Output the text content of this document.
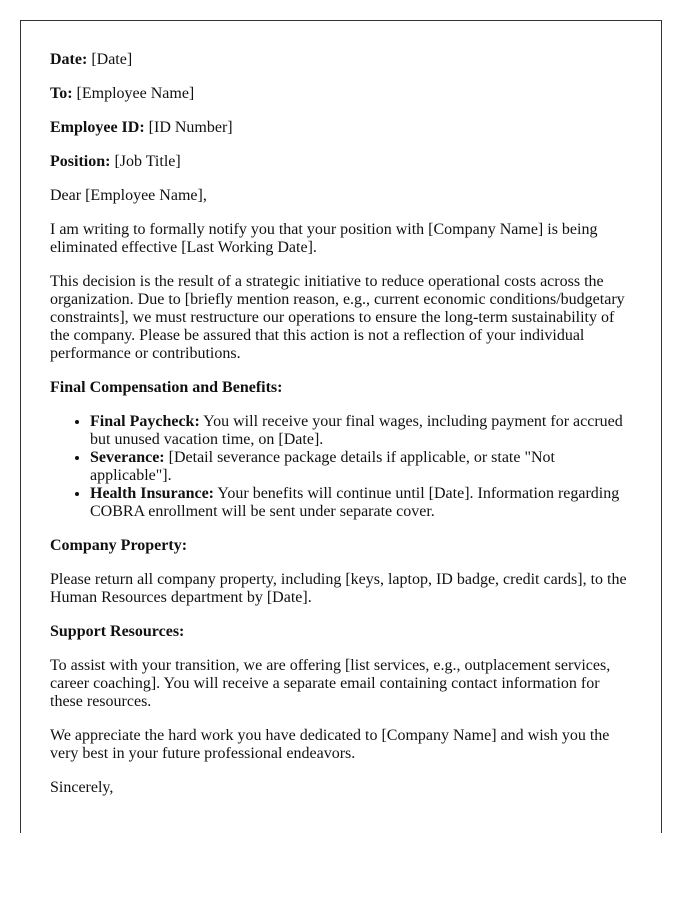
Date: [Date]

To: [Employee Name]

Employee ID: [ID Number]

Position: [Job Title]

Dear [Employee Name],

I am writing to formally notify you that your position with [Company Name] is being eliminated effective [Last Working Date].

This decision is the result of a strategic initiative to reduce operational costs across the organization. Due to [briefly mention reason, e.g., current economic conditions/budgetary constraints], we must restructure our operations to ensure the long-term sustainability of the company. Please be assured that this action is not a reflection of your individual performance or contributions.

Final Compensation and Benefits:
• Final Paycheck: You will receive your final wages, including payment for accrued but unused vacation time, on [Date].
• Severance: [Detail severance package details if applicable, or state "Not applicable"].
• Health Insurance: Your benefits will continue until [Date]. Information regarding COBRA enrollment will be sent under separate cover.
Company Property:

Please return all company property, including [keys, laptop, ID badge, credit cards], to the Human Resources department by [Date].

Support Resources:

To assist with your transition, we are offering [list services, e.g., outplacement services, career coaching]. You will receive a separate email containing contact information for these resources.

We appreciate the hard work you have dedicated to [Company Name] and wish you the very best in your future professional endeavors.

Sincerely,
